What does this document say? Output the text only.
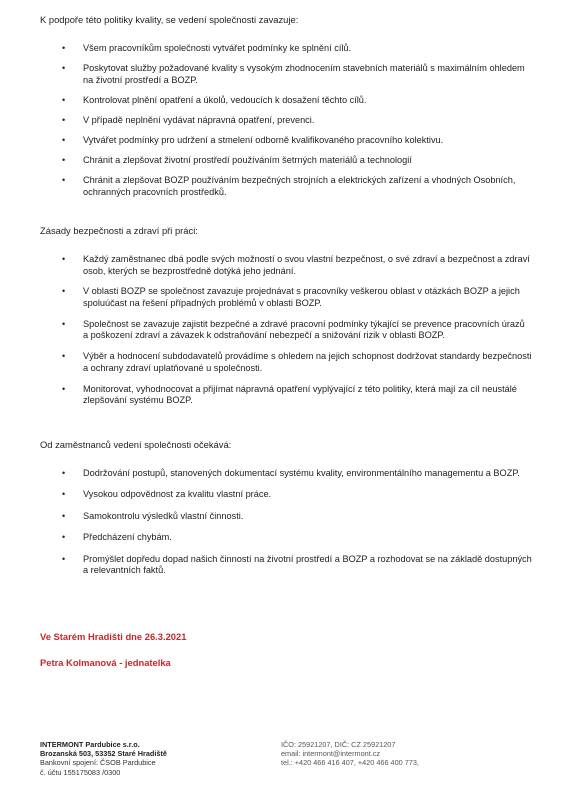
K podpoře této politiky kvality, se vedení společnosti zavazuje:
• Všem pracovníkům společnosti vytvářet podmínky ke splnění cílů.
• Poskytovat služby požadované kvality s vysokým zhodnocením stavebních materiálů s maximálním ohledem na životní prostředí a BOZP.
• Kontrolovat plnění opatření a úkolů, vedoucích k dosažení těchto cílů.
• V případě neplnění vydávat nápravná opatření, prevenci.
• Vytvářet podmínky pro udržení a stmelení odborně kvalifikovaného pracovního kolektivu.
• Chránit a zlepšovat životní prostředí používáním šetrných materiálů a technologií
• Chránit a zlepšovat BOZP používáním bezpečných strojních a elektrických zařízení a vhodných Osobních, ochranných pracovních prostředků.
Zásady bezpečnosti a zdraví při práci:
• Každý zaměstnanec dbá podle svých možností o svou vlastní bezpečnost, o své zdraví a bezpečnost a zdraví osob, kterých se bezprostředně dotýká jeho jednání.
• V oblasti BOZP se společnost zavazuje projednávat s pracovníky veškerou oblast v otázkách BOZP a jejich spoluúčast na řešení případných problémů v oblasti BOZP.
• Společnost se zavazuje zajistit bezpečné a zdravé pracovní podmínky týkající se prevence pracovních úrazů a poškození zdraví a závazek k odstraňování nebezpečí a snižování rizik v oblasti BOZP.
• Výběr a hodnocení subdodavatelů provádíme s ohledem na jejich schopnost dodržovat standardy bezpečnosti a ochrany zdraví uplatňované u společnosti.
• Monitorovat, vyhodnocovat a přijímat nápravná opatření vyplývající z této politiky, která mají za cíl neustálé zlepšování systému BOZP.
Od zaměstnanců vedení společnosti očekává:
• Dodržování postupů, stanovených dokumentací systému kvality, environmentálního managementu a BOZP.
• Vysokou odpovědnost za kvalitu vlastní práce.
• Samokontrolu výsledků vlastní činnosti.
• Předcházení chybám.
• Promýšlet dopředu dopad našich činností na životní prostředí a BOZP a rozhodovat se na základě dostupných a relevantních faktů.
Ve Starém Hradišti dne 26.3.2021
Petra Kolmanová - jednatelka
INTERMONT Pardubice s.r.o.
Brozanská 503, 53352 Staré Hradiště
Bankovní spojení: ČSOB Pardubice
č. účtu 155175083 /0300
IČO: 25921207, DIČ: CZ 25921207
email: intermont@intermont.cz
tel.: +420 466 416 407, +420 466 400 773,
